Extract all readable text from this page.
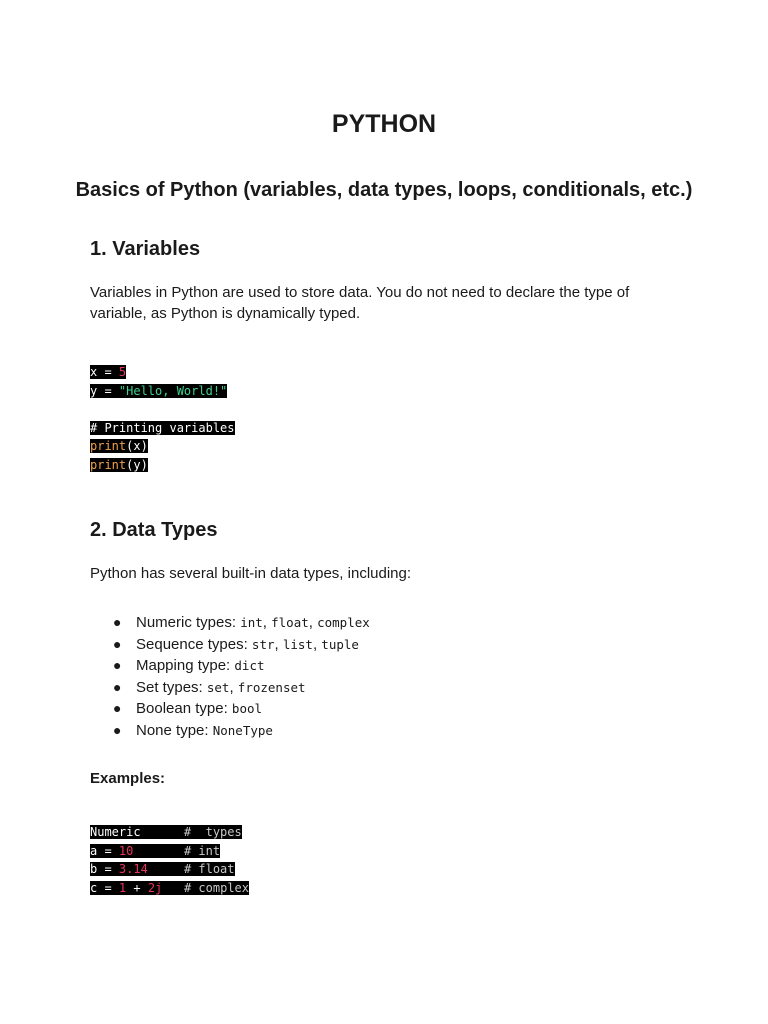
PYTHON
Basics of Python (variables, data types, loops, conditionals, etc.)
1. Variables

Variables in Python are used to store data. You do not need to declare the type of variable, as Python is dynamically typed.

x = 5
y = "Hello, World!"
# Printing variables
print(x)
print(y)
2. Data Types

Python has several built-in data types, including:

● Numeric types: int, float, complex
● Sequence types: str, list, tuple
● Mapping type: dict
● Set types: set, frozenset
● Boolean type: bool
● None type: NoneType

Examples:

Numeric      #  types
a = 10	# int
b = 3.14	# float
c = 1 + 2j # complex
